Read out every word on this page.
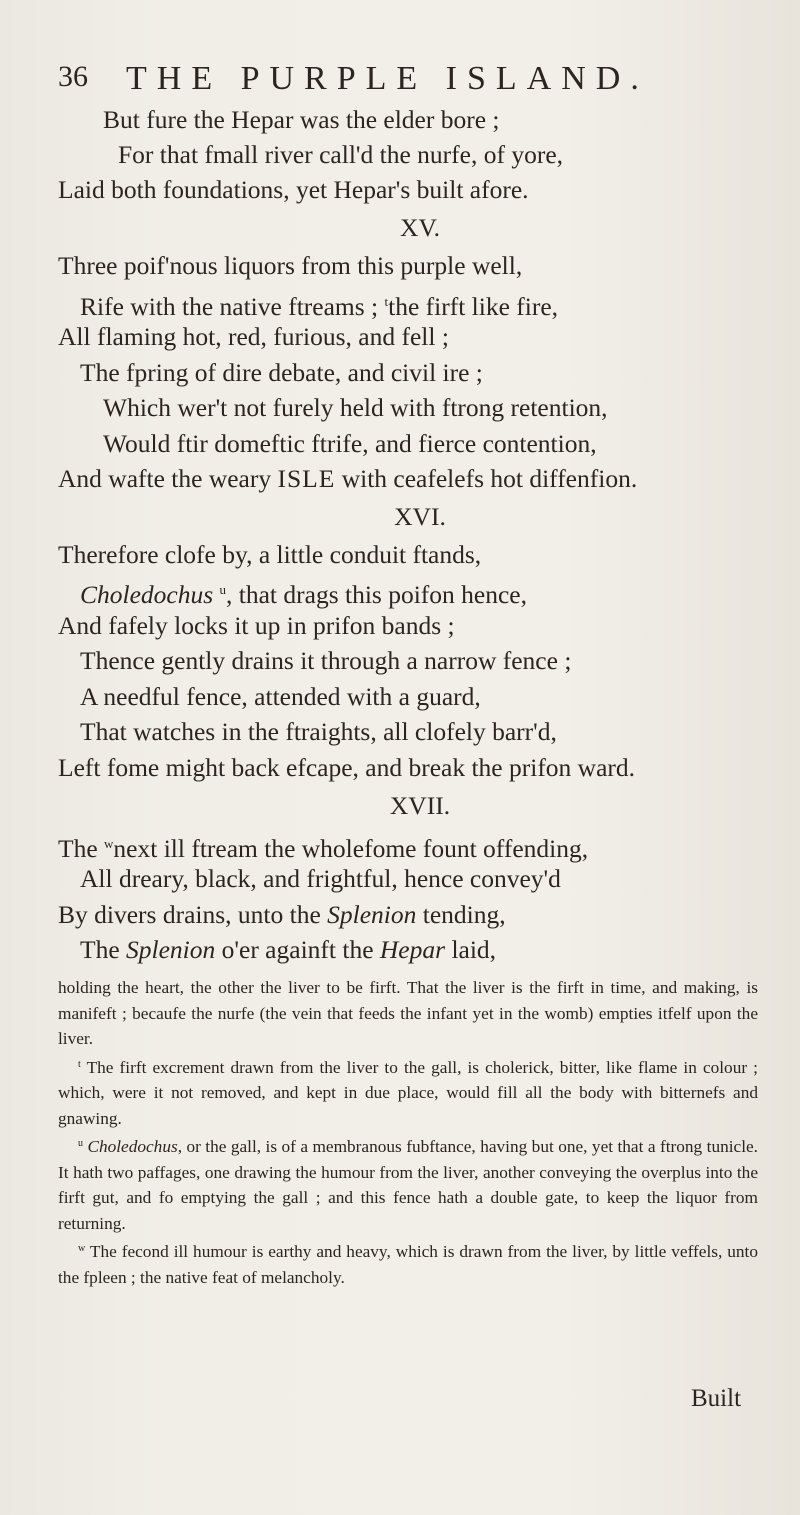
36 THE PURPLE ISLAND.
But fure the Hepar was the elder bore ;
For that fmall river call'd the nurfe, of yore,
Laid both foundations, yet Hepar's built afore.
XV.
Three poif'nous liquors from this purple well,
Rife with the native ftreams ; $^t$the firft like fire,
All flaming hot, red, furious, and fell ;
The fpring of dire debate, and civil ire ;
Which wer't not furely held with ftrong retention,
Would ftir domeftic ftrife, and fierce contention,
And wafte the weary ISLE with ceafelefs hot diffenfion.
XVI.
Therefore clofe by, a little conduit ftands,
Choledochus $^u$, that drags this poifon hence,
And fafely locks it up in prifon bands ;
Thence gently drains it through a narrow fence ;
A needful fence, attended with a guard,
That watches in the ftraights, all clofely barr'd,
Left fome might back efcape, and break the prifon ward.
XVII.
The $^w$next ill ftream the wholefome fount offending,
All dreary, black, and frightful, hence convey'd
By divers drains, unto the Splenion tending,
The Splenion o'er againft the Hepar laid,

holding the heart, the other the liver to be firft. That the liver is the firft in time, and making, is manifeft ; becaufe the nurfe (the vein that feeds the infant yet in the womb) empties itfelf upon the liver.

$^t$ The firft excrement drawn from the liver to the gall, is cholerick, bitter, like flame in colour ; which, were it not removed, and kept in due place, would fill all the body with bitternefs and gnawing.

$^u$ Choledochus, or the gall, is of a membranous fubftance, having but one, yet that a ftrong tunicle. It hath two paffages, one drawing the humour from the liver, another conveying the overplus into the firft gut, and fo emptying the gall ; and this fence hath a double gate, to keep the liquor from returning.

$^w$ The fecond ill humour is earthy and heavy, which is drawn from the liver, by little veffels, unto the fpleen ; the native feat of melancholy.

Built
